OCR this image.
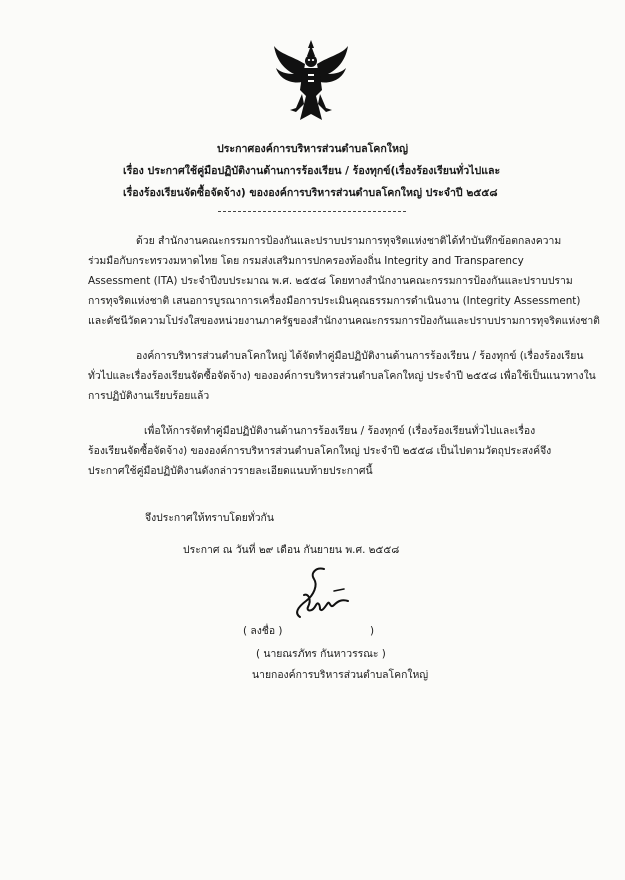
ประกาศองค์การบริหารส่วนตำบลโคกใหญ่
เรื่อง ประกาศใช้คู่มือปฏิบัติงานด้านการร้องเรียน / ร้องทุกข์(เรื่องร้องเรียนทั่วไปและ
เรื่องร้องเรียนจัดซื้อจัดจ้าง) ขององค์การบริหารส่วนตำบลโคกใหญ่ ประจำปี ๒๕๕๘
ด้วย สำนักงานคณะกรรมการป้องกันและปราบปรามการทุจริตแห่งชาติได้ทำบันทึกข้อตกลงความ
ร่วมมือกับกระทรวงมหาดไทย โดย กรมส่งเสริมการปกครองท้องถิ่น Integrity and Transparency
Assessment (ITA) ประจำปีงบประมาณ พ.ศ. ๒๕๕๘ โดยทางสำนักงานคณะกรรมการป้องกันและปราบปราม
การทุจริตแห่งชาติ เสนอการบูรณาการเครื่องมือการประเมินคุณธรรมการดำเนินงาน (Integrity Assessment)
และดัชนีวัดความโปร่งใสของหน่วยงานภาครัฐของสำนักงานคณะกรรมการป้องกันและปราบปรามการทุจริตแห่งชาติ
องค์การบริหารส่วนตำบลโคกใหญ่ ได้จัดทำคู่มือปฏิบัติงานด้านการร้องเรียน / ร้องทุกข์ (เรื่องร้องเรียน
ทั่วไปและเรื่องร้องเรียนจัดซื้อจัดจ้าง) ขององค์การบริหารส่วนตำบลโคกใหญ่ ประจำปี ๒๕๕๘ เพื่อใช้เป็นแนวทางใน
การปฏิบัติงานเรียบร้อยแล้ว
เพื่อให้การจัดทำคู่มือปฏิบัติงานด้านการร้องเรียน / ร้องทุกข์ (เรื่องร้องเรียนทั่วไปและเรื่อง
ร้องเรียนจัดซื้อจัดจ้าง) ขององค์การบริหารส่วนตำบลโคกใหญ่ ประจำปี ๒๕๕๘ เป็นไปตามวัตถุประสงค์จึง
ประกาศใช้คู่มือปฏิบัติงานดังกล่าวรายละเอียดแนบท้ายประกาศนี้
จึงประกาศให้ทราบโดยทั่วกัน
ประกาศ ณ วันที่ ๒๙ เดือน กันยายน พ.ศ. ๒๕๕๘
( ลงชื่อ )	)
( นายณรภัทร กันหาวรรณะ )
นายกองค์การบริหารส่วนตำบลโคกใหญ่
